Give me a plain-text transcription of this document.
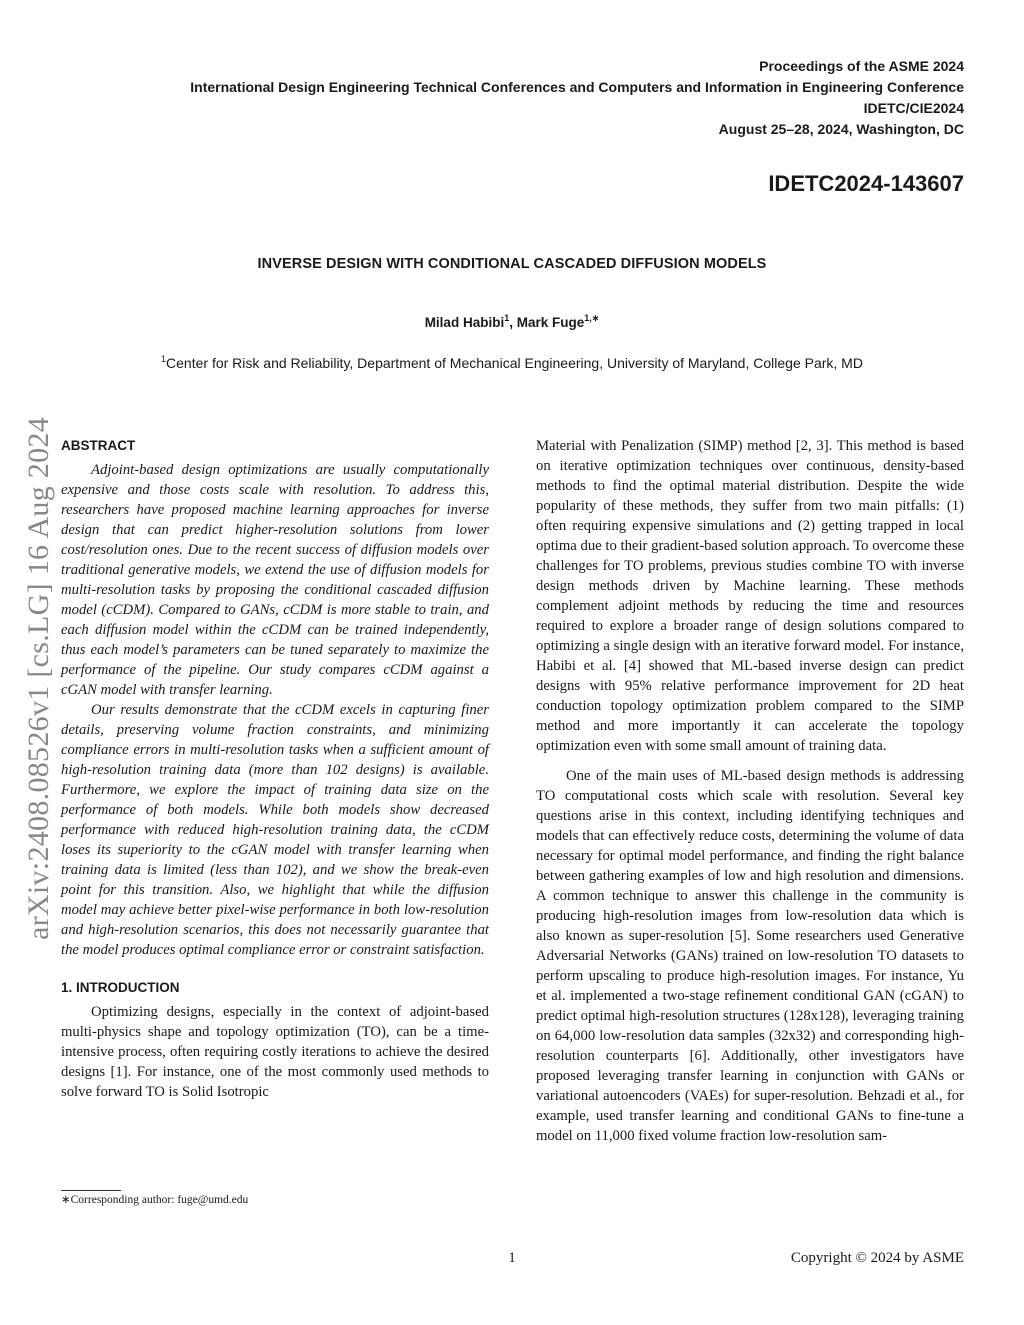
Proceedings of the ASME 2024
International Design Engineering Technical Conferences and Computers and Information in Engineering Conference
IDETC/CIE2024
August 25–28, 2024, Washington, DC
IDETC2024-143607
INVERSE DESIGN WITH CONDITIONAL CASCADED DIFFUSION MODELS
Milad Habibi$^1$, Mark Fuge$^{1,∗}$
$^1$Center for Risk and Reliability, Department of Mechanical Engineering, University of Maryland, College Park, MD
arXiv:2408.08526v1 [cs.LG] 16 Aug 2024 ABSTRACT

Adjoint-based design optimizations are usually computationally expensive and those costs scale with resolution. To address this, researchers have proposed machine learning approaches for inverse design that can predict higher-resolution solutions from lower cost/resolution ones. Due to the recent success of diffusion models over traditional generative models, we extend the use of diffusion models for multi-resolution tasks by proposing the conditional cascaded diffusion model (cCDM). Compared to GANs, cCDM is more stable to train, and each diffusion model within the cCDM can be trained independently, thus each model’s parameters can be tuned separately to maximize the performance of the pipeline. Our study compares cCDM against a cGAN model with transfer learning.

Our results demonstrate that the cCDM excels in capturing finer details, preserving volume fraction constraints, and minimizing compliance errors in multi-resolution tasks when a sufficient amount of high-resolution training data (more than 102 designs) is available. Furthermore, we explore the impact of training data size on the performance of both models. While both models show decreased performance with reduced high-resolution training data, the cCDM loses its superiority to the cGAN model with transfer learning when training data is limited (less than 102), and we show the break-even point for this transition. Also, we highlight that while the diffusion model may achieve better pixel-wise performance in both low-resolution and high-resolution scenarios, this does not necessarily guarantee that the model produces optimal compliance error or constraint satisfaction.

1. INTRODUCTION

Optimizing designs, especially in the context of adjoint-based multi-physics shape and topology optimization (TO), can be a time-intensive process, often requiring costly iterations to achieve the desired designs [1]. For instance, one of the most commonly used methods to solve forward TO is Solid Isotropic

Material with Penalization (SIMP) method [2, 3]. This method is based on iterative optimization techniques over continuous, density-based methods to find the optimal material distribution. Despite the wide popularity of these methods, they suffer from two main pitfalls: (1) often requiring expensive simulations and (2) getting trapped in local optima due to their gradient-based solution approach. To overcome these challenges for TO problems, previous studies combine TO with inverse design methods driven by Machine learning. These methods complement adjoint methods by reducing the time and resources required to explore a broader range of design solutions compared to optimizing a single design with an iterative forward model. For instance, Habibi et al. [4] showed that ML-based inverse design can predict designs with 95% relative performance improvement for 2D heat conduction topology optimization problem compared to the SIMP method and more importantly it can accelerate the topology optimization even with some small amount of training data.

One of the main uses of ML-based design methods is addressing TO computational costs which scale with resolution. Several key questions arise in this context, including identifying techniques and models that can effectively reduce costs, determining the volume of data necessary for optimal model performance, and finding the right balance between gathering examples of low and high resolution and dimensions. A common technique to answer this challenge in the community is producing high-resolution images from low-resolution data which is also known as super-resolution [5]. Some researchers used Generative Adversarial Networks (GANs) trained on low-resolution TO datasets to perform upscaling to produce high-resolution images. For instance, Yu et al. implemented a two-stage refinement conditional GAN (cGAN) to predict optimal high-resolution structures (128x128), leveraging training on 64,000 low-resolution data samples (32x32) and corresponding high-resolution counterparts [6]. Additionally, other investigators have proposed leveraging transfer learning in conjunction with GANs or variational autoencoders (VAEs) for super-resolution. Behzadi et al., for example, used transfer learning and conditional GANs to fine-tune a model on 11,000 fixed volume fraction low-resolution sam-

∗Corresponding author: fuge@umd.edu
1	Copyright © 2024 by ASME
